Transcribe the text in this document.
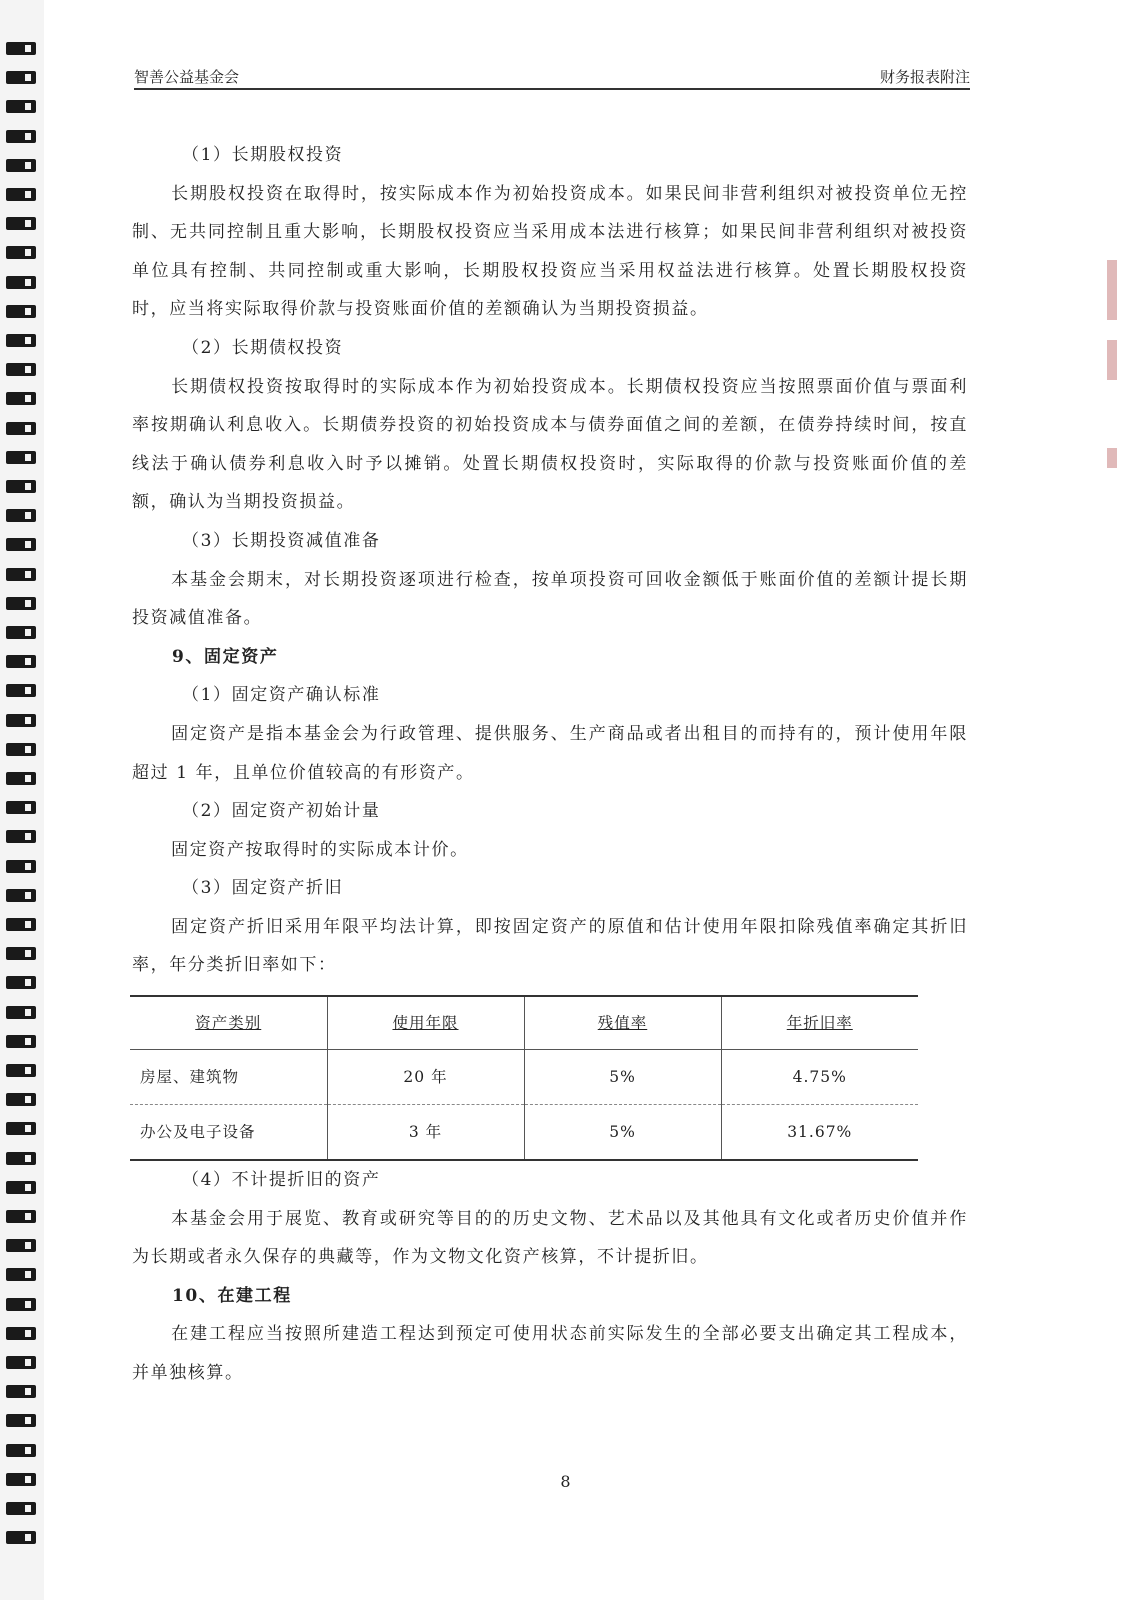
智善公益基金会	财务报表附注

（1）长期股权投资

长期股权投资在取得时，按实际成本作为初始投资成本。如果民间非营利组织对被投资单位无控制、无共同控制且重大影响，长期股权投资应当采用成本法进行核算；如果民间非营利组织对被投资单位具有控制、共同控制或重大影响，长期股权投资应当采用权益法进行核算。处置长期股权投资时，应当将实际取得价款与投资账面价值的差额确认为当期投资损益。

（2）长期债权投资

长期债权投资按取得时的实际成本作为初始投资成本。长期债权投资应当按照票面价值与票面利率按期确认利息收入。长期债券投资的初始投资成本与债券面值之间的差额，在债券持续时间，按直线法于确认债券利息收入时予以摊销。处置长期债权投资时，实际取得的价款与投资账面价值的差额，确认为当期投资损益。

（3）长期投资减值准备

本基金会期末，对长期投资逐项进行检查，按单项投资可回收金额低于账面价值的差额计提长期投资减值准备。

9、固定资产

（1）固定资产确认标准

固定资产是指本基金会为行政管理、提供服务、生产商品或者出租目的而持有的，预计使用年限超过 1 年，且单位价值较高的有形资产。

（2）固定资产初始计量

固定资产按取得时的实际成本计价。

（3）固定资产折旧

固定资产折旧采用年限平均法计算，即按固定资产的原值和估计使用年限扣除残值率确定其折旧率，年分类折旧率如下：

资产类别	使用年限	残值率	年折旧率
房屋、建筑物	20 年	5%	4.75%
办公及电子设备	3 年	5%	31.67%

（4）不计提折旧的资产

本基金会用于展览、教育或研究等目的的历史文物、艺术品以及其他具有文化或者历史价值并作为长期或者永久保存的典藏等，作为文物文化资产核算，不计提折旧。

10、在建工程

在建工程应当按照所建造工程达到预定可使用状态前实际发生的全部必要支出确定其工程成本，并单独核算。

8
